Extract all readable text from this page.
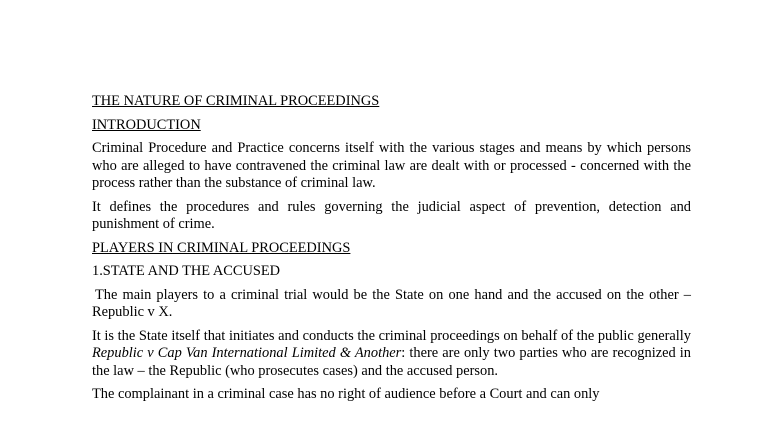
THE NATURE OF CRIMINAL PROCEEDINGS

INTRODUCTION

Criminal Procedure and Practice concerns itself with the various stages and means by which persons who are alleged to have contravened the criminal law are dealt with or processed - concerned with the process rather than the substance of criminal law.

It defines the procedures and rules governing the judicial aspect of prevention, detection and punishment of crime.

PLAYERS IN CRIMINAL PROCEEDINGS

1.STATE AND THE ACCUSED

The main players to a criminal trial would be the State on one hand and the accused on the other – Republic v X.

It is the State itself that initiates and conducts the criminal proceedings on behalf of the public generally Republic v Cap Van International Limited & Another: there are only two parties who are recognized in the law – the Republic (who prosecutes cases) and the accused person.

The complainant in a criminal case has no right of audience before a Court and can only
